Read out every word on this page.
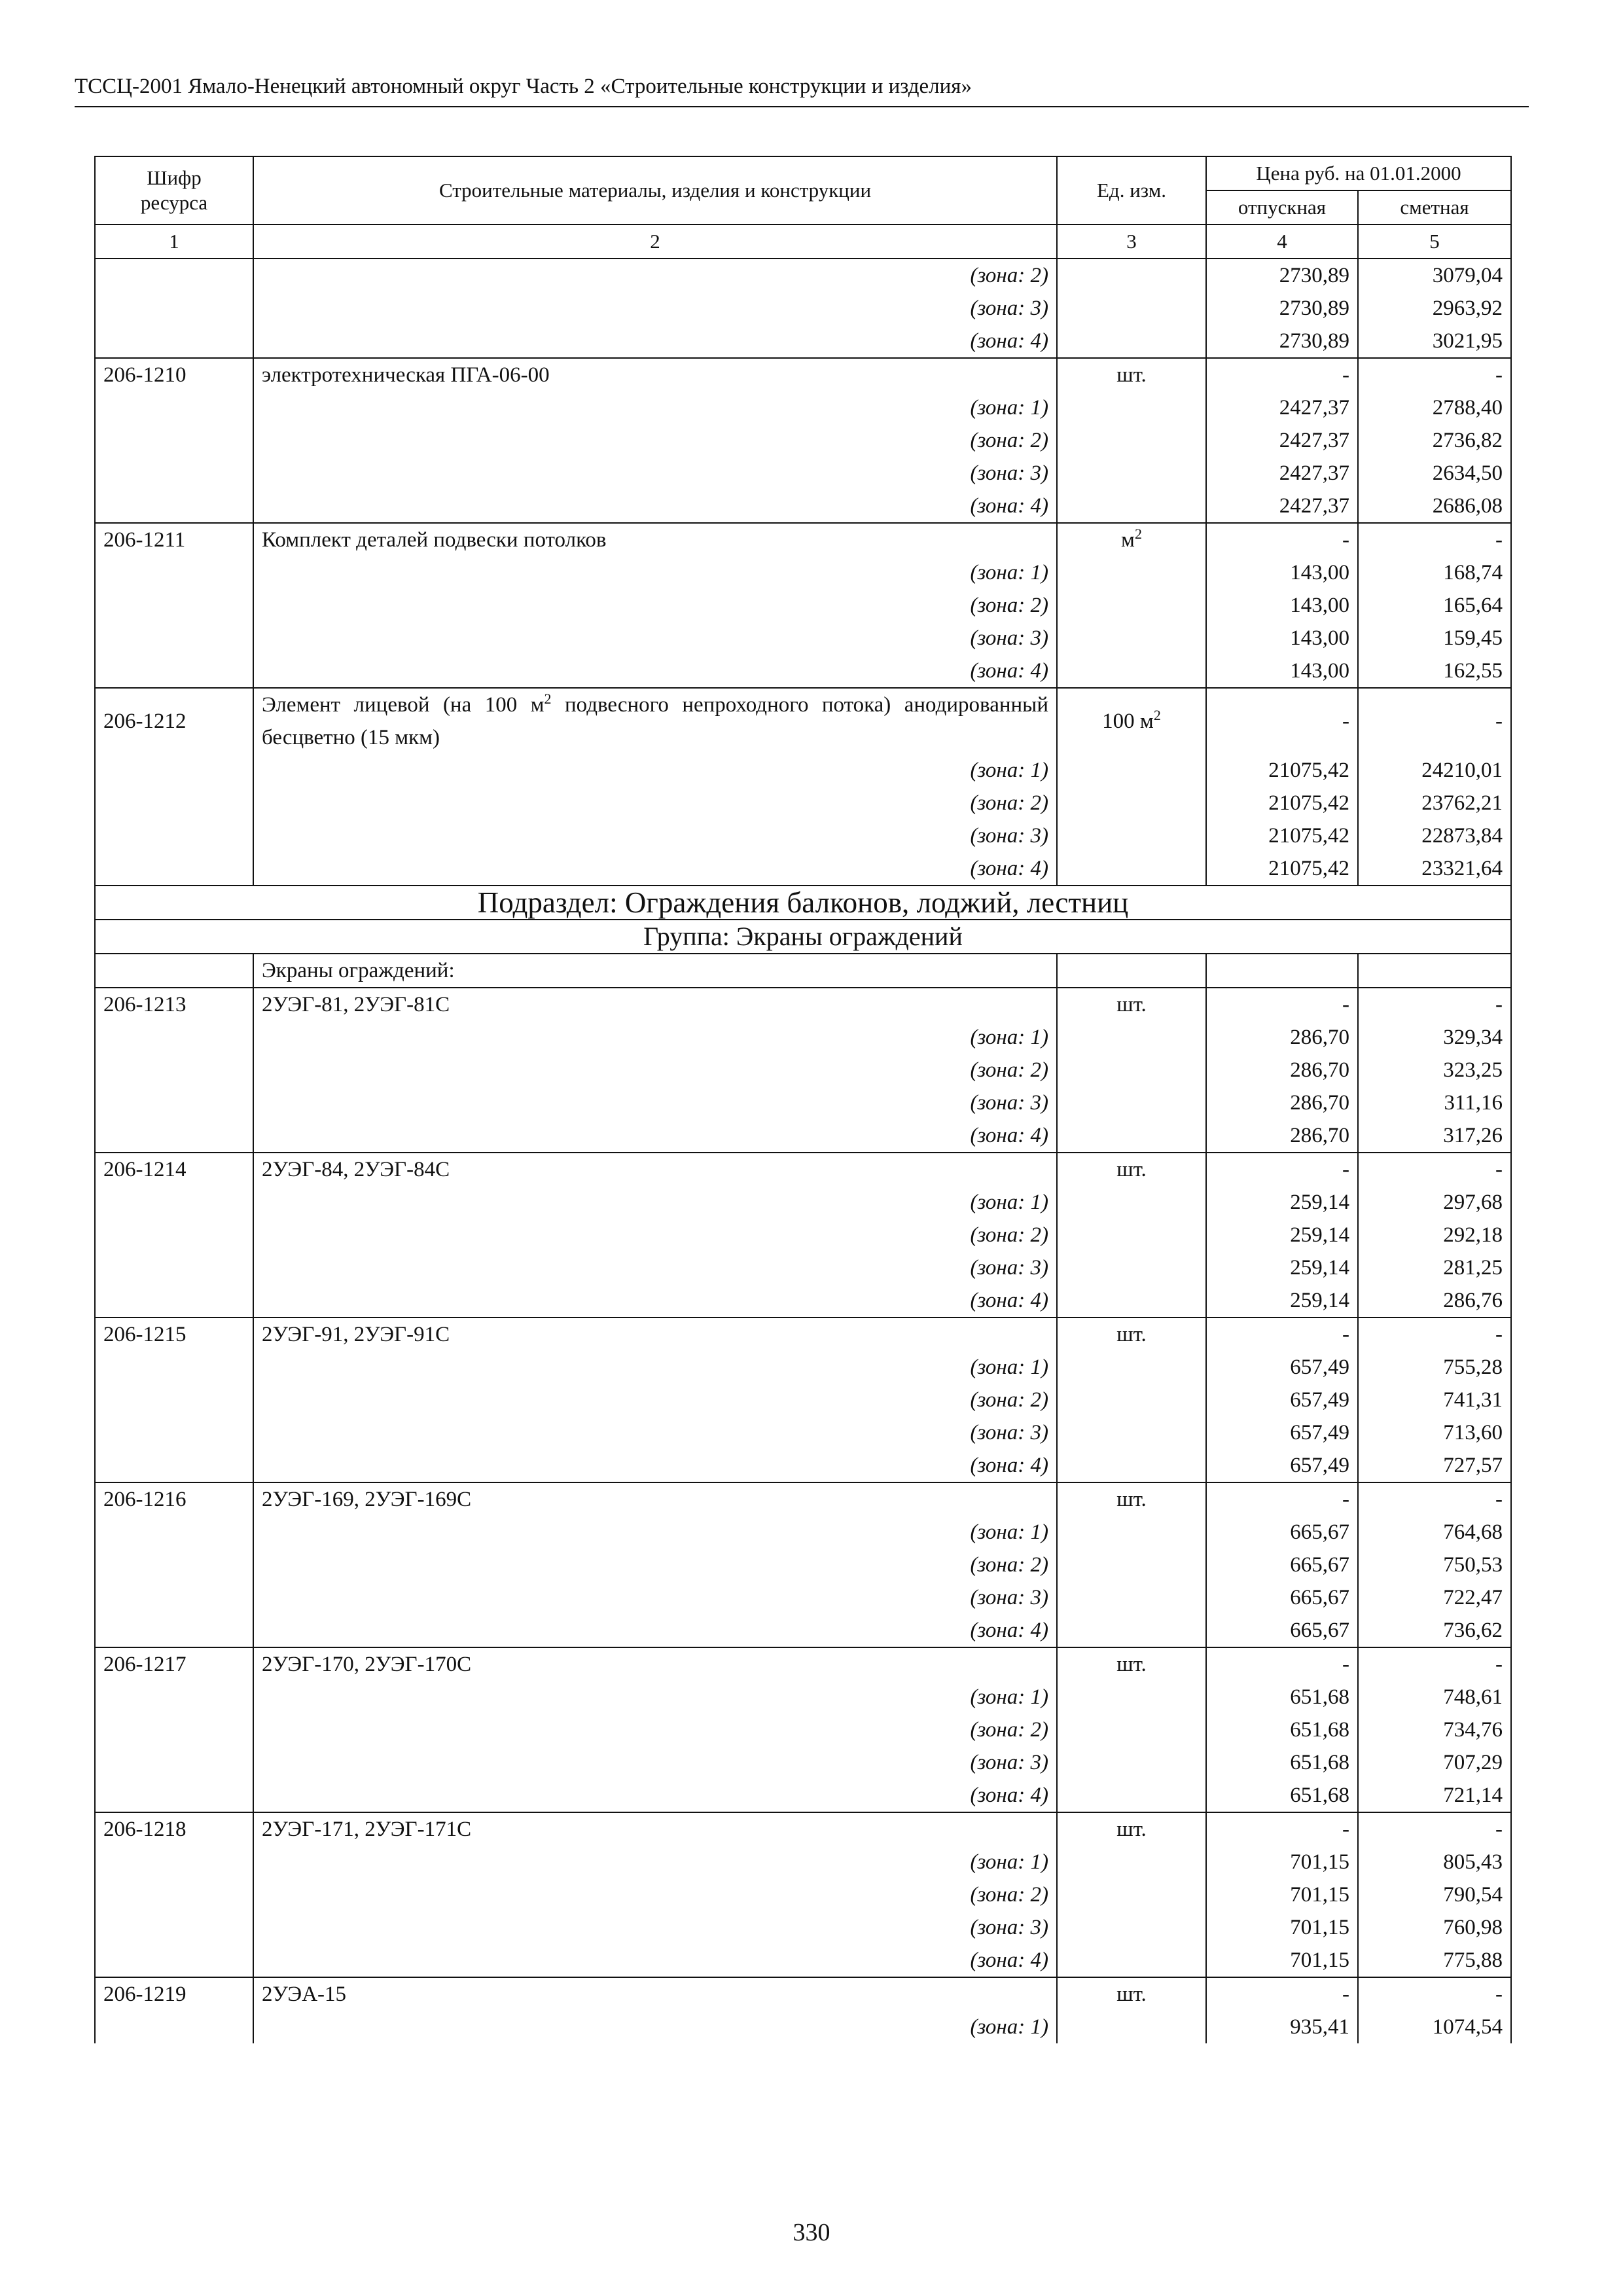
ТССЦ-2001 Ямало-Ненецкий автономный округ Часть 2 «Строительные конструкции и изделия»
Шифр ресурса	Строительные материалы, изделия и конструкции	Ед. изм.	Цена руб. на 01.01.2000	
			отпускная	сметная
1	2	3	4	5
	(зона: 2)		2730,89	3079,04
	(зона: 3)		2730,89	2963,92
	(зона: 4)		2730,89	3021,95
206-1210	электротехническая ПГА-06-00	шт.	-	-
	(зона: 1)		2427,37	2788,40
	(зона: 2)		2427,37	2736,82
	(зона: 3)		2427,37	2634,50
	(зона: 4)		2427,37	2686,08
206-1211	Комплект деталей подвески потолков	$м^2$	-	-
	(зона: 1)		143,00	168,74
	(зона: 2)		143,00	165,64
	(зона: 3)		143,00	159,45
	(зона: 4)		143,00	162,55
206-1212	Элемент лицевой (на 100 $м^2$ подвесного непроходного потока) анодированный бесцветно (15 мкм)	100 $м^2$	-	-
	(зона: 1)		21075,42	24210,01
	(зона: 2)		21075,42	23762,21
	(зона: 3)		21075,42	22873,84
	(зона: 4)		21075,42	23321,64
Подраздел: Ограждения балконов, лоджий, лестниц				
Группа: Экраны ограждений				
	Экраны ограждений:			
206-1213	2УЭГ-81, 2УЭГ-81С	шт.	-	-
	(зона: 1)		286,70	329,34
	(зона: 2)		286,70	323,25
	(зона: 3)		286,70	311,16
	(зона: 4)		286,70	317,26
206-1214	2УЭГ-84, 2УЭГ-84С	шт.	-	-
	(зона: 1)		259,14	297,68
	(зона: 2)		259,14	292,18
	(зона: 3)		259,14	281,25
	(зона: 4)		259,14	286,76
206-1215	2УЭГ-91, 2УЭГ-91С	шт.	-	-
	(зона: 1)		657,49	755,28
	(зона: 2)		657,49	741,31
	(зона: 3)		657,49	713,60
	(зона: 4)		657,49	727,57
206-1216	2УЭГ-169, 2УЭГ-169С	шт.	-	-
	(зона: 1)		665,67	764,68
	(зона: 2)		665,67	750,53
	(зона: 3)		665,67	722,47
	(зона: 4)		665,67	736,62
206-1217	2УЭГ-170, 2УЭГ-170С	шт.	-	-
	(зона: 1)		651,68	748,61
	(зона: 2)		651,68	734,76
	(зона: 3)		651,68	707,29
	(зона: 4)		651,68	721,14
206-1218	2УЭГ-171, 2УЭГ-171С	шт.	-	-
	(зона: 1)		701,15	805,43
	(зона: 2)		701,15	790,54
	(зона: 3)		701,15	760,98
	(зона: 4)		701,15	775,88
206-1219	2УЭА-15	шт.	-	-
	(зона: 1)		935,41	1074,54
330
